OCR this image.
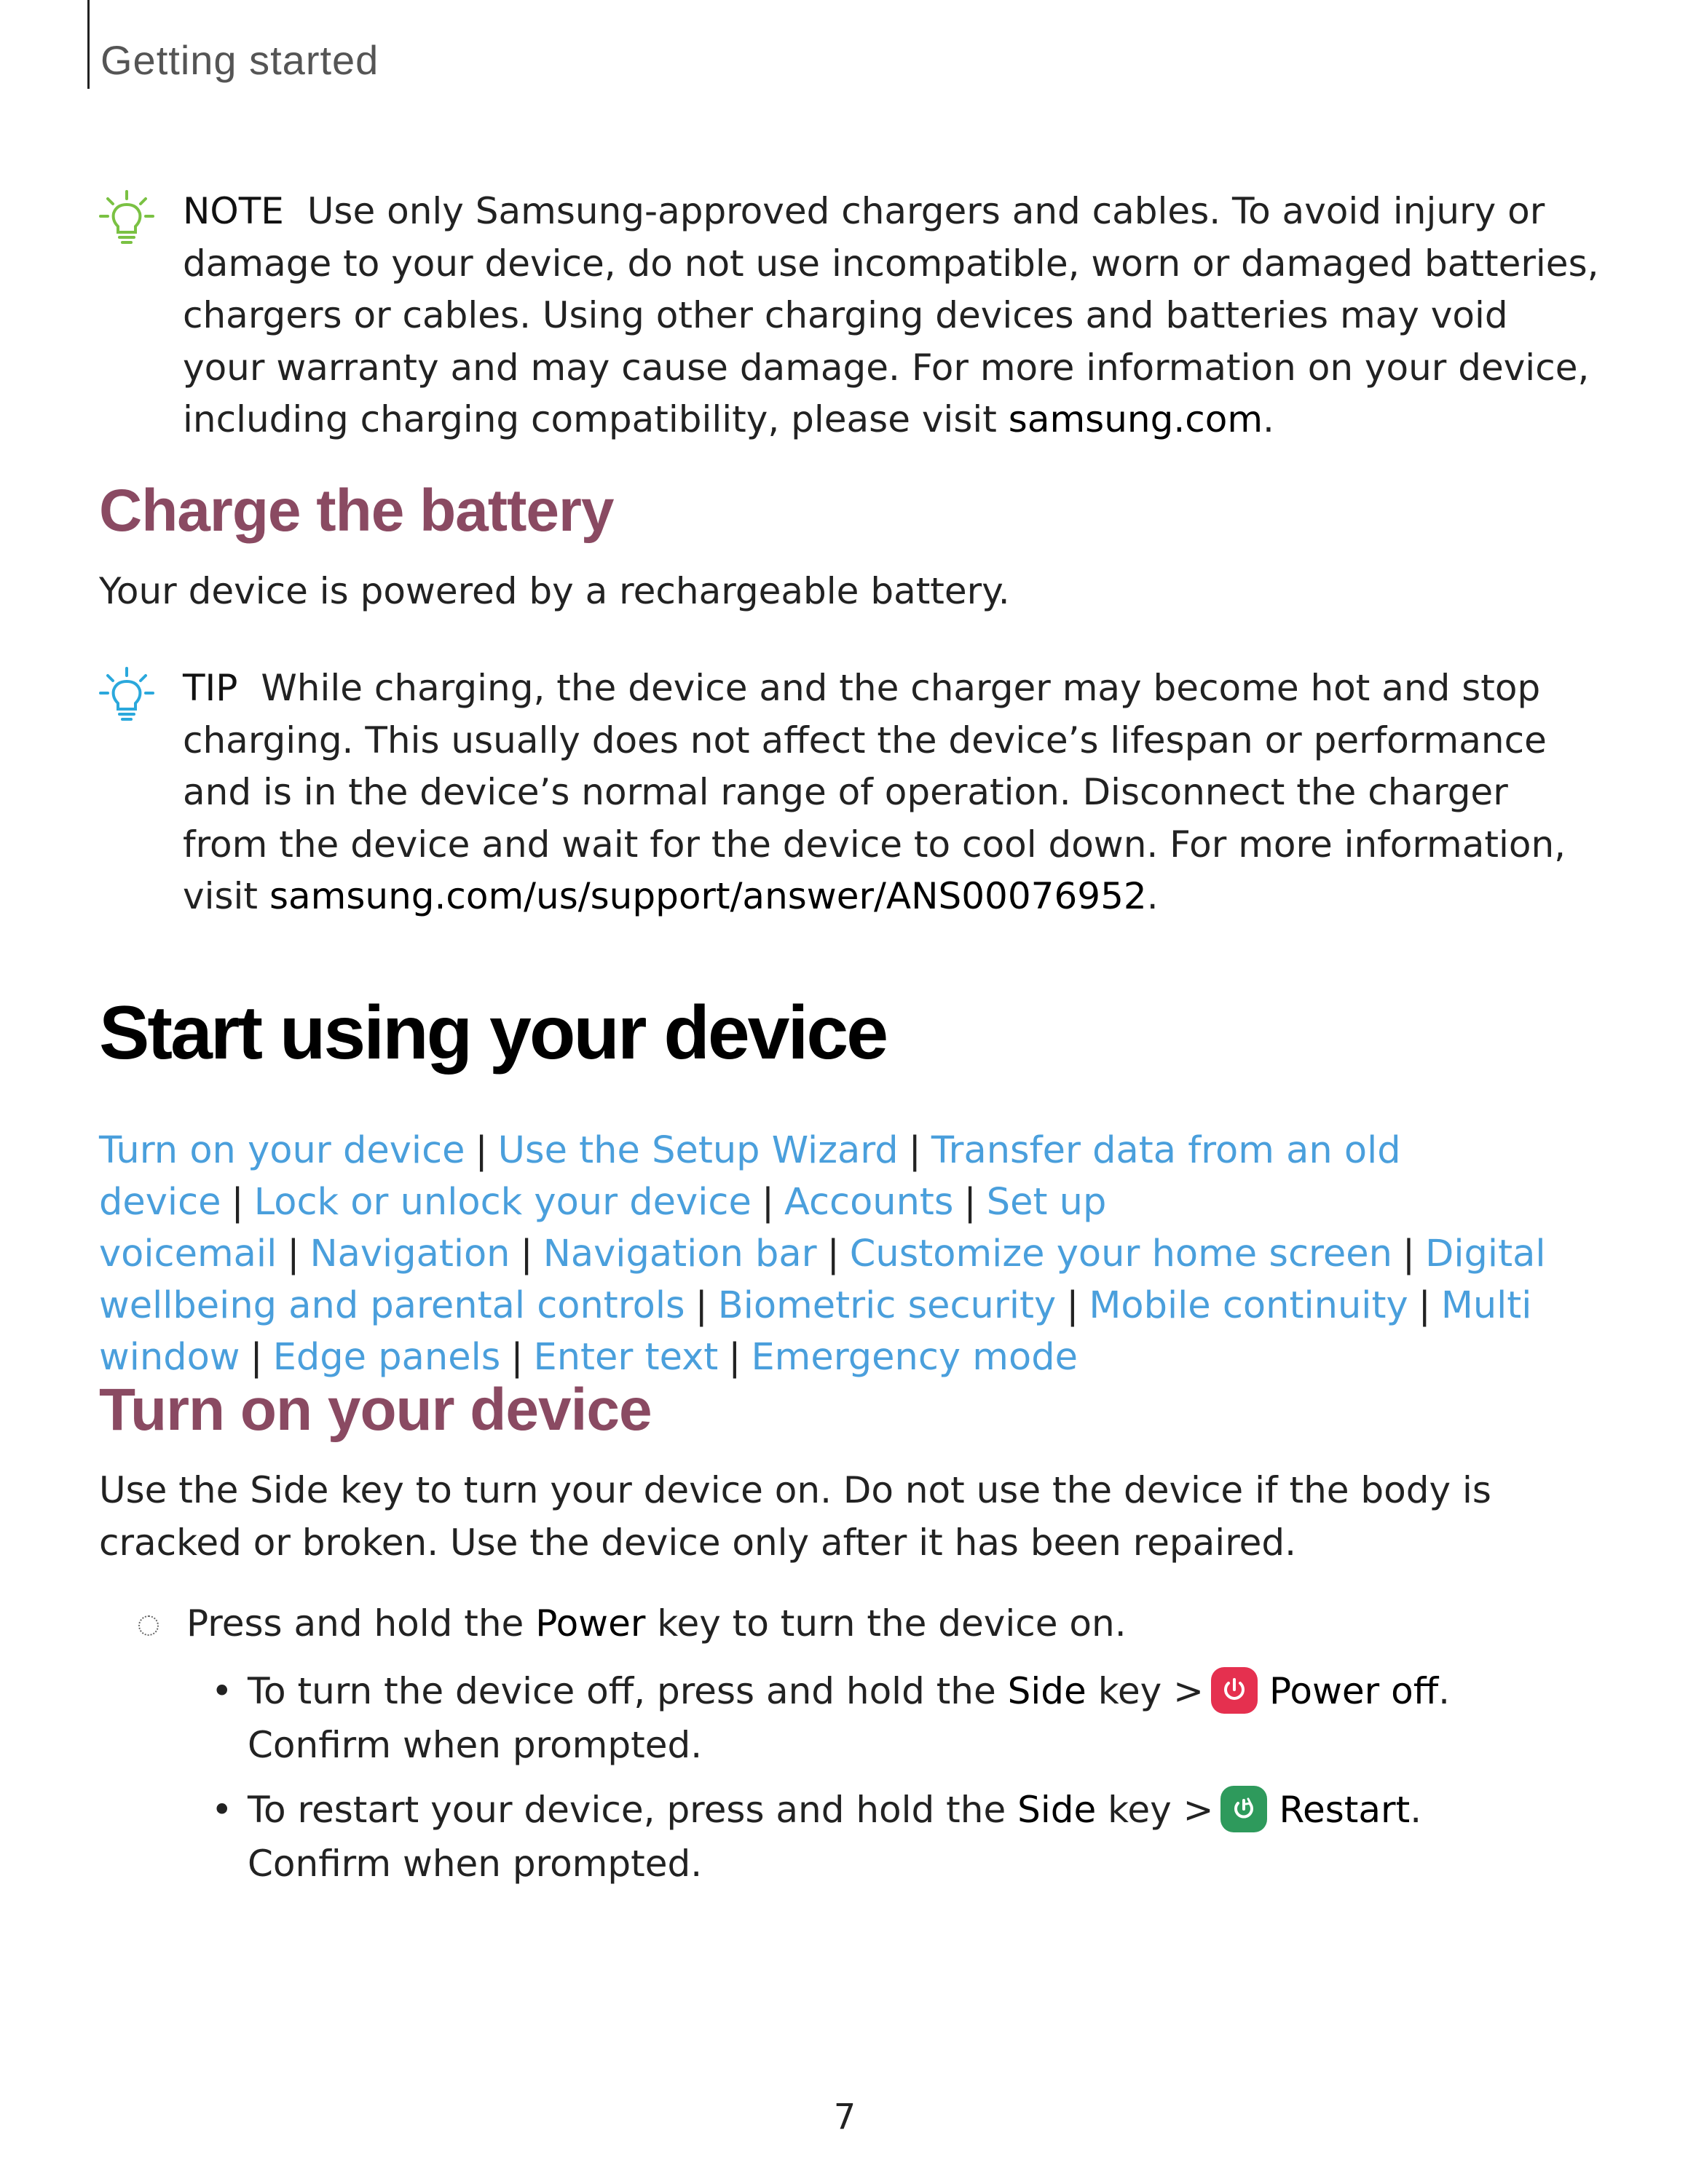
Getting started
NOTE Use only Samsung-approved chargers and cables. To avoid injury or damage to your device, do not use incompatible, worn or damaged batteries, chargers or cables. Using other charging devices and batteries may void your warranty and may cause damage. For more information on your device, including charging compatibility, please visit samsung.com.
Charge the battery
Your device is powered by a rechargeable battery.
TIP While charging, the device and the charger may become hot and stop charging. This usually does not affect the device’s lifespan or performance and is in the device’s normal range of operation. Disconnect the charger from the device and wait for the device to cool down. For more information, visit samsung.com/us/support/answer/ANS00076952.
Start using your device
Turn on your device | Use the Setup Wizard | Transfer data from an old device | Lock or unlock your device | Accounts | Set up voicemail | Navigation | Navigation bar | Customize your home screen | Digital wellbeing and parental controls | Biometric security | Mobile continuity | Multi window | Edge panels | Enter text | Emergency mode
Turn on your device
Use the Side key to turn your device on. Do not use the device if the body is cracked or broken. Use the device only after it has been repaired.
Press and hold the Power key to turn the device on.
• To turn the device off, press and hold the Side key > Power off.
Confirm when prompted.
• To restart your device, press and hold the Side key > Restart.
Confirm when prompted.
7
